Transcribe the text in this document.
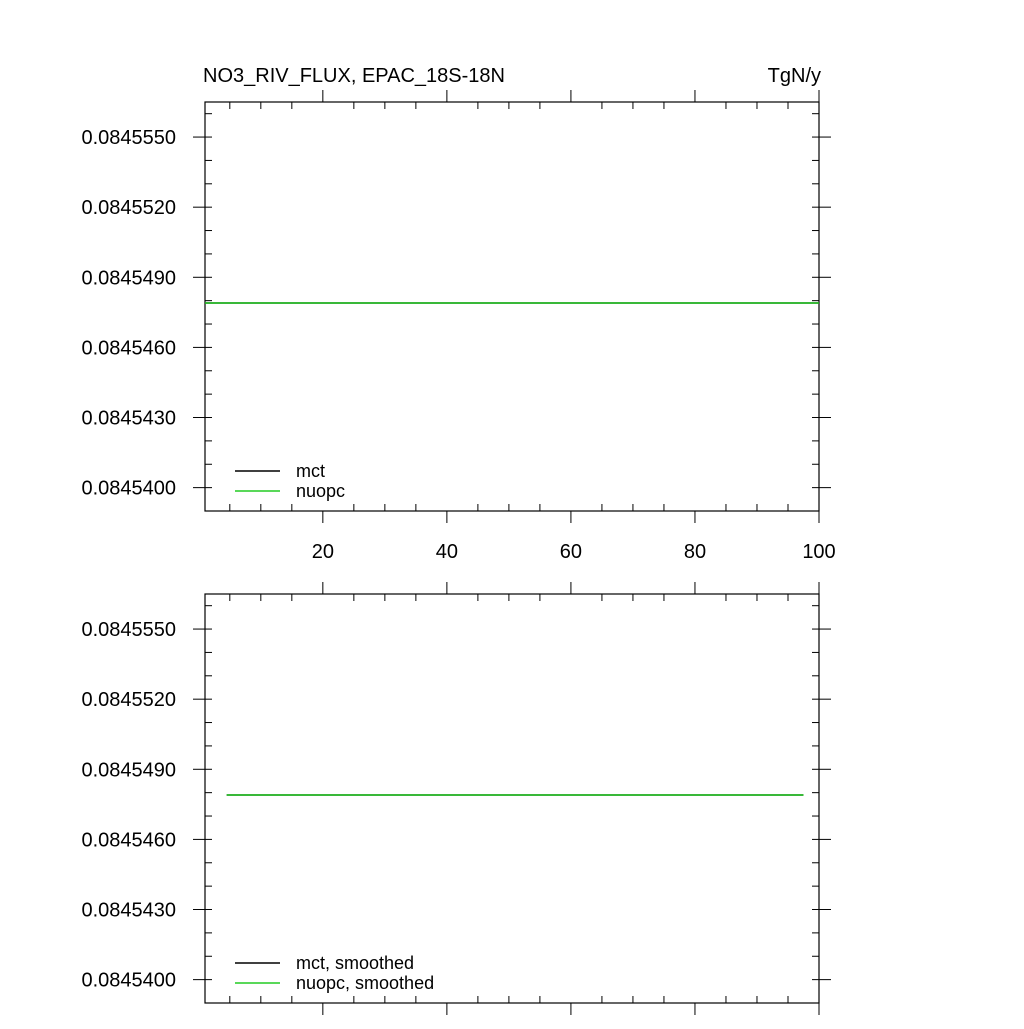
0.0845400
0.0845430
0.0845460
0.0845490
0.0845520
0.0845550
20	40	60	80	100
mct
nuopc
NO3_RIV_FLUX, EPAC_18S-18N	TgN/y
0.0845400
0.0845430
0.0845460
0.0845490
0.0845520
0.0845550
mct, smoothed
nuopc, smoothed
